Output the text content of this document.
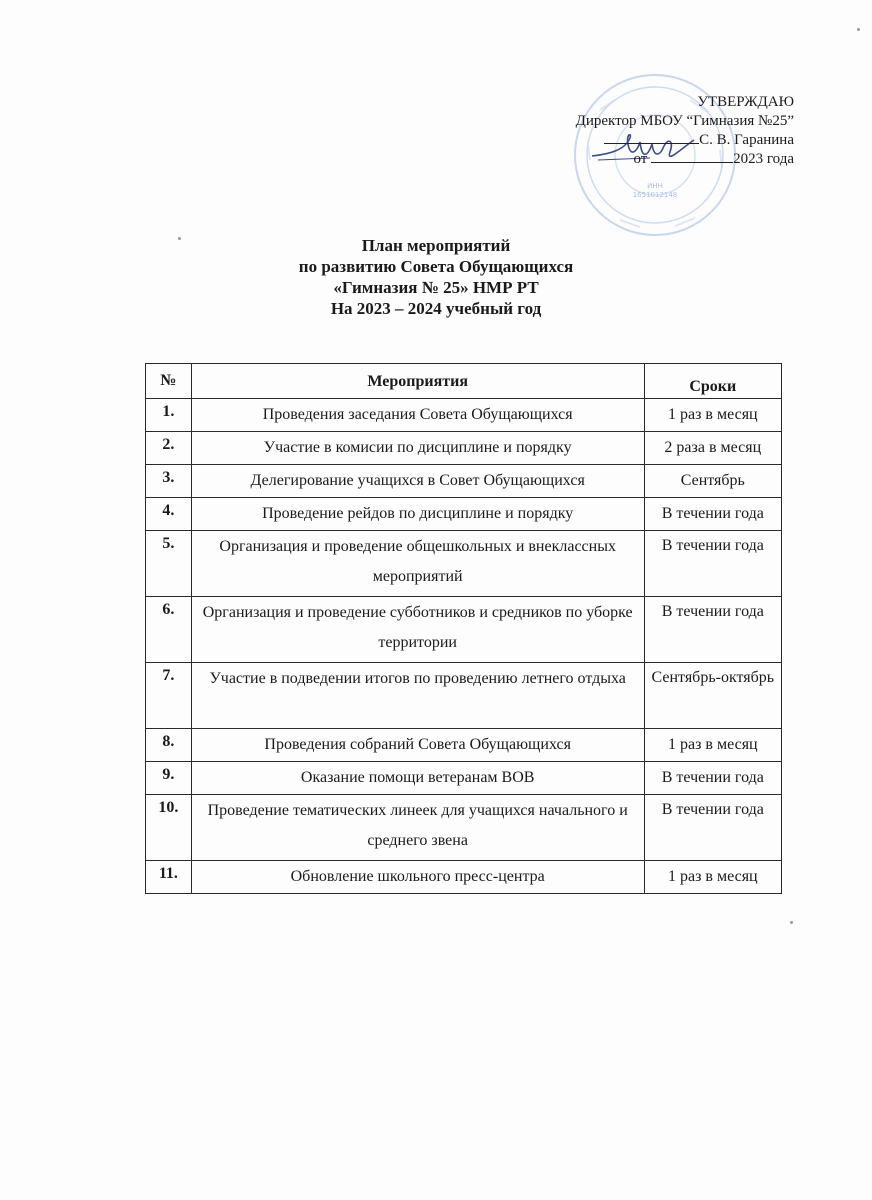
ИНН
1651012148
УТВЕРЖДАЮ
Директор МБОУ “Гимназия №25”
С. В. Гаранина
от	2023 года
План мероприятий
по развитию Совета Обущающихся
«Гимназия № 25» НМР РТ
На 2023 – 2024 учебный год
№	Мероприятия	Сроки
1.	Проведения заседания Совета Обущающихся	1 раз в месяц
2.	Участие в комисии по дисциплине и порядку	2 раза в месяц
3.	Делегирование учащихся в Совет Обущающихся	Сентябрь
4.	Проведение рейдов по дисциплине и порядку	В течении года
5.	Организация и проведение общешкольных и внеклассных мероприятий	В течении года
6.	Организация и проведение субботников и средников по уборке территории	В течении года
7.	Участие в подведении итогов по проведению летнего отдыха	Сентябрь-октябрь
8.	Проведения собраний Совета Обущающихся	1 раз в месяц
9.	Оказание помощи ветеранам ВОВ	В течении года
10.	Проведение тематических линеек для учащихся начального и среднего звена	В течении года
11.	Обновление школьного пресс-центра	1 раз в месяц
